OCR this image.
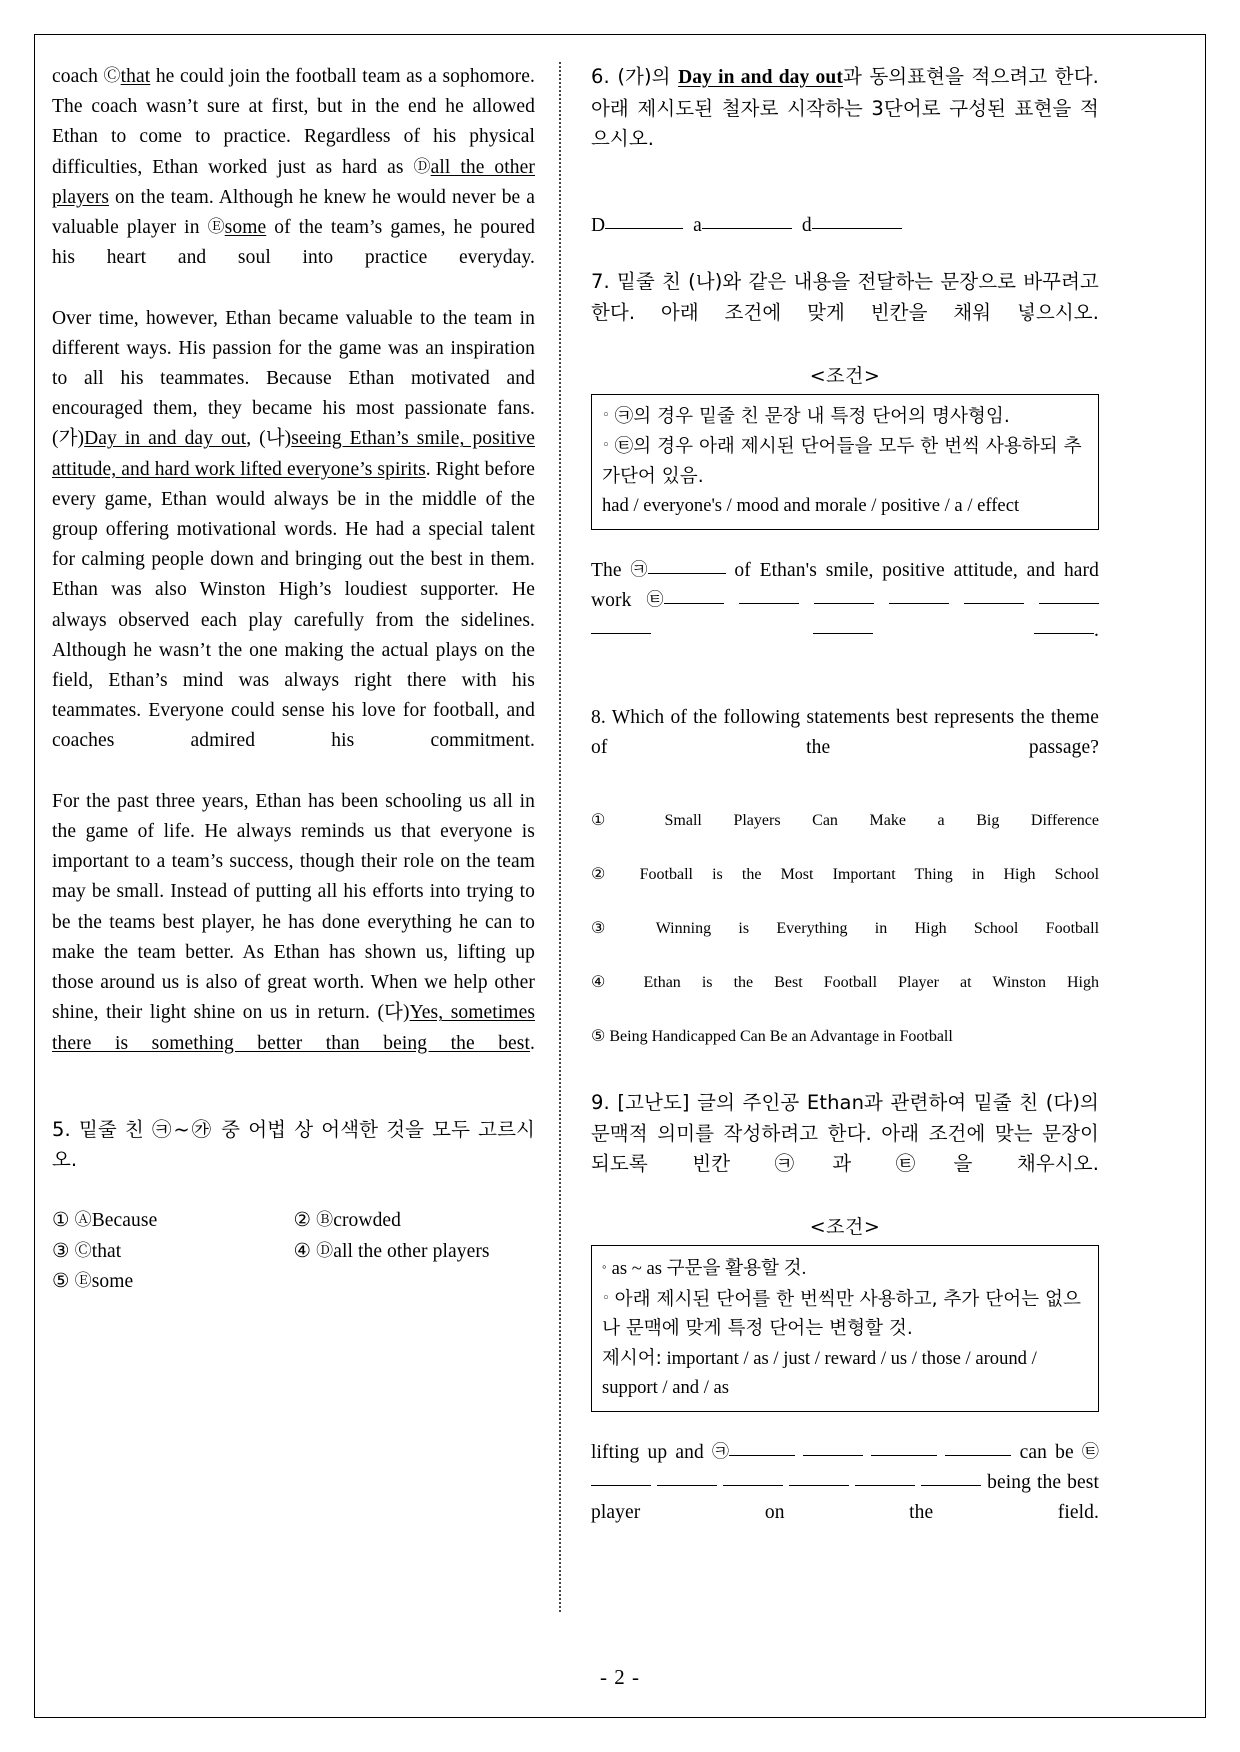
coach Ⓒthat he could join the football team as a sophomore. The coach wasn’t sure at first, but in the end he allowed Ethan to come to practice. Regardless of his physical difficulties, Ethan worked just as hard as Ⓓall the other players on the team. Although he knew he would never be a valuable player in Ⓔsome of the team’s games, he poured his heart and soul into practice everyday.

Over time, however, Ethan became valuable to the team in different ways. His passion for the game was an inspiration to all his teammates. Because Ethan motivated and encouraged them, they became his most passionate fans. (가)Day in and day out, (나)seeing Ethan’s smile, positive attitude, and hard work lifted everyone’s spirits. Right before every game, Ethan would always be in the middle of the group offering motivational words. He had a special talent for calming people down and bringing out the best in them. Ethan was also Winston High’s loudiest supporter. He always observed each play carefully from the sidelines. Although he wasn’t the one making the actual plays on the field, Ethan’s mind was always right there with his teammates. Everyone could sense his love for football, and coaches admired his commitment.

For the past three years, Ethan has been schooling us all in the game of life. He always reminds us that everyone is important to a team’s success, though their role on the team may be small. Instead of putting all his efforts into trying to be the teams best player, he has done everything he can to make the team better. As Ethan has shown us, lifting up those around us is also of great worth. When we help other shine, their light shine on us in return. (다)Yes, sometimes there is something better than being the best.

5. 밑줄 친 ㉪~㉮ 중 어법 상 어색한 것을 모두 고르시오.

① ⒶBecause	② Ⓑcrowded

③ Ⓒthat	④ Ⓓall the other players

⑤ Ⓔsome

6. (가)의 Day in and day out과 동의표현을 적으려고 한다. 아래 제시도된 철자로 시작하는 3단어로 구성된 표현을 적으시오.

D	a	d

7. 밑줄 친 (나)와 같은 내용을 전달하는 문장으로 바꾸려고 한다. 아래 조건에 맞게 빈칸을 채워 넣으시오.

<조건>

◦ ㉪의 경우 밑줄 친 문장 내 특정 단어의 명사형임.

◦ ㉫의 경우 아래 제시된 단어들을 모두 한 번씩 사용하되 추가단어 있음.

had / everyone's / mood and morale / positive / a / effect

The ㉪	of Ethan's smile, positive attitude, and hard work ㉫        .

8. Which of the following statements best represents the theme of the passage?

① Small Players Can Make a Big Difference

② Football is the Most Important Thing in High School

③ Winning is Everything in High School Football

④ Ethan is the Best Football Player at Winston High

⑤ Being Handicapped Can Be an Advantage in Football

9. [고난도] 글의 주인공 Ethan과 관련하여 밑줄 친 (다)의 문맥적 의미를 작성하려고 한다. 아래 조건에 맞는 문장이 되도록 빈칸 ㉪과 ㉫을 채우시오.

<조건>

◦ as ~ as 구문을 활용할 것.

◦ 아래 제시된 단어를 한 번씩만 사용하고, 추가 단어는 없으나 문맥에 맞게 특정 단어는 변형할 것.

제시어: important / as / just / reward / us / those / around / support / and / as

lifting up and ㉪	can be ㉫      being the best player on the field.

- 2 -
